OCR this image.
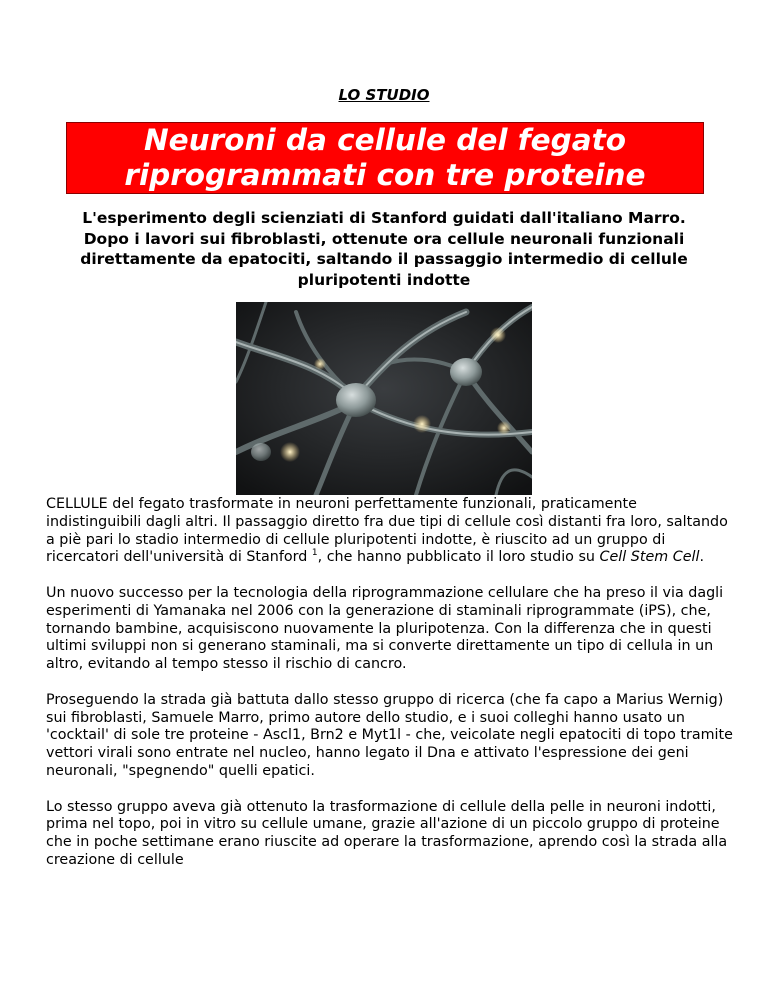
LO STUDIO
Neuroni da cellule del fegato
riprogrammati con tre proteine
L'esperimento degli scienziati di Stanford guidati dall'italiano Marro. Dopo i lavori sui fibroblasti, ottenute ora cellule neuronali funzionali direttamente da epatociti, saltando il passaggio intermedio di cellule pluripotenti indotte

CELLULE del fegato trasformate in neuroni perfettamente funzionali, praticamente indistinguibili dagli altri. Il passaggio diretto fra due tipi di cellule così distanti fra loro, saltando a piè pari lo stadio intermedio di cellule pluripotenti indotte, è riuscito ad un gruppo di ricercatori dell'università di Stanford $^1$, che hanno pubblicato il loro studio su Cell Stem Cell.

Un nuovo successo per la tecnologia della riprogrammazione cellulare che ha preso il via dagli esperimenti di Yamanaka nel 2006 con la generazione di staminali riprogrammate (iPS), che, tornando bambine, acquisiscono nuovamente la pluripotenza. Con la differenza che in questi ultimi sviluppi non si generano staminali, ma si converte direttamente un tipo di cellula in un altro, evitando al tempo stesso il rischio di cancro.

Proseguendo la strada già battuta dallo stesso gruppo di ricerca (che fa capo a Marius Wernig) sui fibroblasti, Samuele Marro, primo autore dello studio, e i suoi colleghi hanno usato un 'cocktail' di sole tre proteine - Ascl1, Brn2 e Myt1l - che, veicolate negli epatociti di topo tramite vettori virali sono entrate nel nucleo, hanno legato il Dna e attivato l'espressione dei geni neuronali, "spegnendo" quelli epatici.

Lo stesso gruppo aveva già ottenuto la trasformazione di cellule della pelle in neuroni indotti, prima nel topo, poi in vitro su cellule umane, grazie all'azione di un piccolo gruppo di proteine che in poche settimane erano riuscite ad operare la trasformazione, aprendo così la strada alla creazione di cellule
